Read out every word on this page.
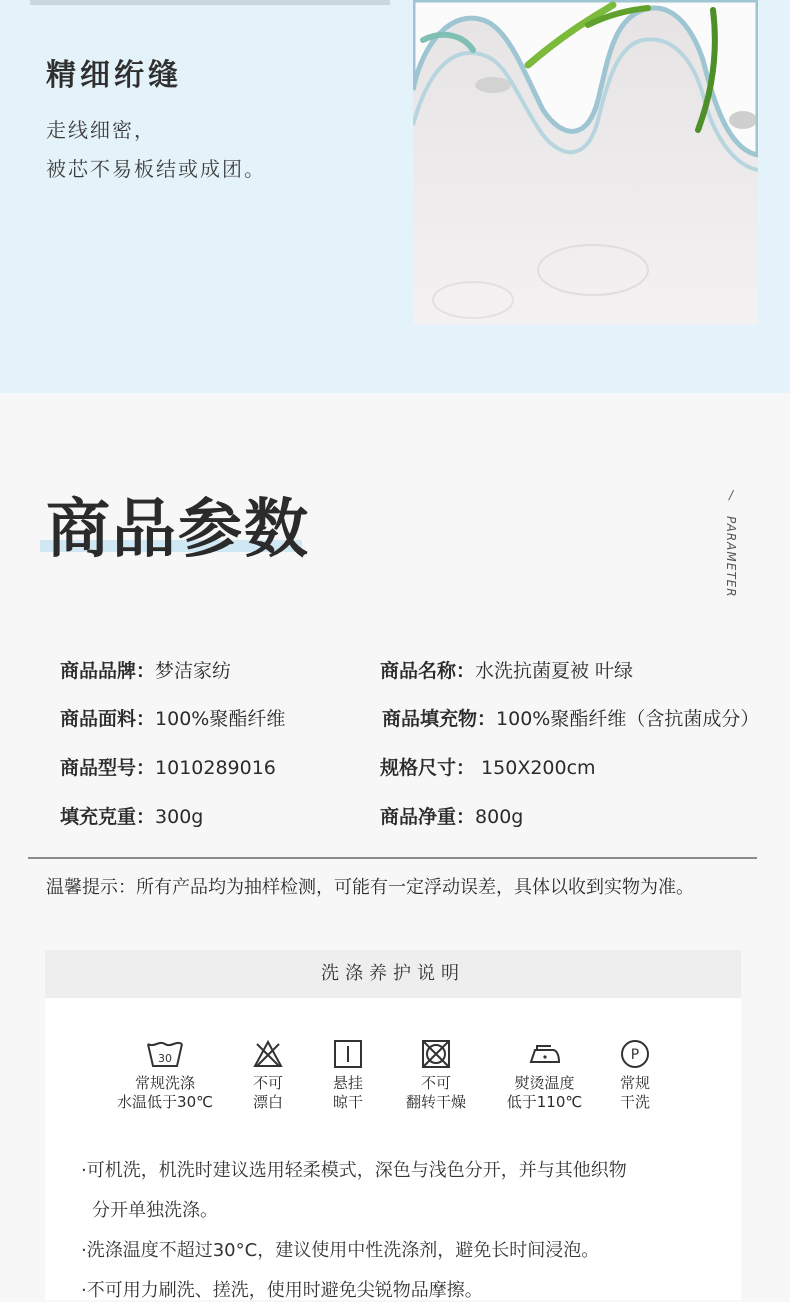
精细绗缝
走线细密，
被芯不易板结或成团。
商品参数	/
PARAMETER
商品品牌：梦洁家纺	商品名称：水洗抗菌夏被 叶绿
商品面料：100%聚酯纤维	商品填充物：100%聚酯纤维（含抗菌成分）
商品型号：1010289016	规格尺寸： 150X200cm
填充克重：300g	商品净重：800g
温馨提示：所有产品均为抽样检测，可能有一定浮动误差，具体以收到实物为准。
洗涤养护说明
30
常规洗涤
水温低于30℃
不可
漂白
悬挂
晾干
不可
翻转干燥
熨烫温度
低于110℃
P
常规
干洗
·可机洗，机洗时建议选用轻柔模式，深色与浅色分开，并与其他织物
分开单独洗涤。
·洗涤温度不超过30°C，建议使用中性洗涤剂，避免长时间浸泡。
·不可用力刷洗、搓洗，使用时避免尖锐物品摩擦。
